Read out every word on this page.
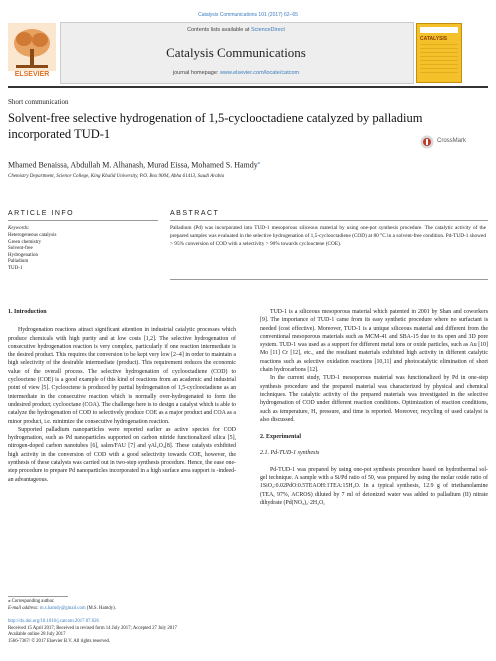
Catalysis Communications 101 (2017) 62–65
Contents lists available at ScienceDirect
Catalysis Communications
journal homepage: www.elsevier.com/locate/catcom
ELSEVIER
CATALYSIS
Short communication
Solvent-free selective hydrogenation of 1,5-cyclooctadiene catalyzed by palladium incorporated TUD-1	CrossMark
Mhamed Benaissa, Abdullah M. Alhanash, Murad Eissa, Mohamed S. Hamdy⁎
Chemistry Department, Science College, King Khalid University, P.O. Box 9004, Abha 61413, Saudi Arabia
ARTICLE INFO
Keywords:
Heterogeneous catalysis
Green chemistry
Solvent-free
Hydrogenation
Palladium
TUD-1
ABSTRACT
Palladium (Pd) was incorporated into TUD-1 mesoporous siliceous material by using one-pot synthesis procedure. The catalytic activity of the prepared samples was evaluated in the selective hydrogenation of 1,5-cyclooctadiene (COD) at 80 °C in a solvent-free condition. Pd-TUD-1 showed > 95% conversion of COD with a selectivity > 90% towards cyclooctene (COE).
1. Introduction

Hydrogenation reactions attract significant attention in industrial catalytic processes which produce chemicals with high purity and at low costs [1,2]. The selective hydrogenation of consecutive hydrogenation reaction is very complex, particularly if one reaction intermediate is the desired product. This requires the conversion to be kept very low [2–4] in order to maintain a high selectivity of the desirable intermediate (product). This requirement reduces the economic value of the overall process. The selective hydrogenation of cyclooctadiene (COD) to cyclooctene (COE) is a good example of this kind of reactions from an academic and industrial point of view [5]. Cyclooctene is produced by partial hydrogenation of 1,5-cyclooctadiene as an intermediate in the consecutive reaction which is normally over-hydrogenated to form the undesired product; cyclooctane (COA). The challenge here is to design a catalyst which is able to catalyze the hydrogenation of COD to selectively produce COE as a major product and COA as a minor product, i.e. minimize the consecutive hydrogenation reaction.

Supported palladium nanoparticles were reported earlier as active species for COD hydrogenation, such as Pd nanoparticles supported on carbon nitride functionalized silica [5], nitrogen-doped carbon nanotubes [6], salen/FAU [7] and γAl₂O₃[8]. These catalysts exhibited high activity in the conversion of COD with a good selectivity towards COE, however, the synthesis of these catalysts was carried out in two-step synthesis procedure. Hence, the ease one-step procedure to prepare Pd nanoparticles incorporated in a high surface area support is -indeed- an advantageous.

TUD-1 is a siliceous mesoporous material which patented in 2001 by Shan and coworkers [9]. The importance of TUD-1 came from its easy synthetic procedure where no surfactant is needed (cost effective). Moreover, TUD-1 is a unique siliceous material and different from the conventional mesoporous materials such as MCM-41 and SBA-15 due to its open and 3D pore system. TUD-1 was used as a support for different metal ions or oxide particles, such as Au [10] Mo [11] Cr [12], etc., and the resultant materials exhibited high activity in different catalytic reactions such as selective oxidation reactions [10,11] and photocatalytic elimination of short chain hydrocarbons [12].

In the current study, TUD-1 mesoporous material was functionalized by Pd in one-step synthesis procedure and the prepared material was characterized by physical and chemical techniques. The catalytic activity of the prepared materials was investigated in the selective hydrogenation of COD under different reaction conditions. Optimization of reaction conditions, such as temperature, H₂ pressure, and time is reported. Moreover, recycling of used catalyst is also discussed.

2. Experimental
2.1. Pd-TUD-1 synthesis

Pd-TUD-1 was prepared by using one-pot synthesis procedure based on hydrothermal sol-gel technique. A sample with a Si/Pd ratio of 50, was prepared by using the molar oxide ratio of 1SiO₂:0.02PdO:0.5TEAOH:1TEA:15H₂O. In a typical synthesis, 12.9 g of triethanolamine (TEA, 97%, ACROS) diluted by 7 ml of deionized water was added to palladium (II) nitrate dihydrate (Pd(NO₃)₂·2H₂O,

⁎ Corresponding author.
E-mail address: m.s.hamdy@gmail.com (M.S. Hamdy).
http://dx.doi.org/10.1016/j.catcom.2017.07.026
Received 15 April 2017; Received in revised form 14 July 2017; Accepted 27 July 2017
Available online 28 July 2017
1566-7367/ © 2017 Elsevier B.V. All rights reserved.
